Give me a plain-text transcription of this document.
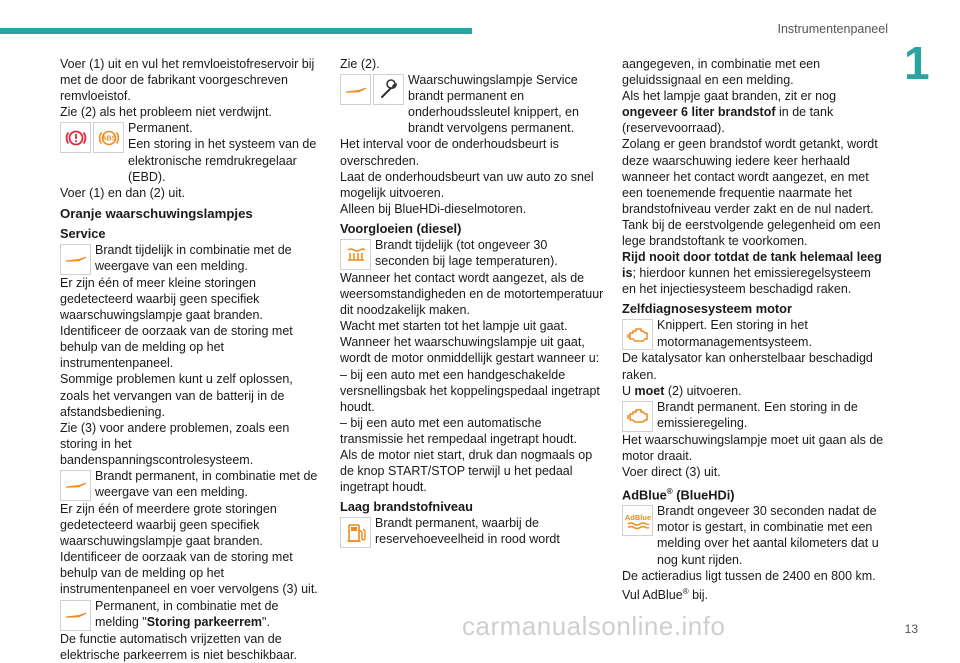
Instrumentenpaneel
1
Voer (1) uit en vul het remvloeistofreservoir bij met de door de fabrikant voorgeschreven remvloeistof.
Zie (2) als het probleem niet verdwijnt.
ABS
Permanent.
Een storing in het systeem van de elektronische remdrukregelaar (EBD).
Voer (1) en dan (2) uit.
Oranje waarschuwingslampjes
Service
Brandt tijdelijk in combinatie met de weergave van een melding.
Er zijn één of meer kleine storingen gedetecteerd waarbij geen specifiek waarschuwingslampje gaat branden.
Identificeer de oorzaak van de storing met behulp van de melding op het instrumentenpaneel.
Sommige problemen kunt u zelf oplossen, zoals het vervangen van de batterij in de afstandsbediening.
Zie (3) voor andere problemen, zoals een storing in het bandenspanningscontrolesysteem.
Brandt permanent, in combinatie met de weergave van een melding.
Er zijn één of meerdere grote storingen gedetecteerd waarbij geen specifiek waarschuwingslampje gaat branden.
Identificeer de oorzaak van de storing met behulp van de melding op het instrumentenpaneel en voer vervolgens (3) uit.
Permanent, in combinatie met de melding "Storing parkeerrem".
De functie automatisch vrijzetten van de elektrische parkeerrem is niet beschikbaar.
Zie (2).
Waarschuwingslampje Service brandt permanent en onderhoudssleutel knippert, en brandt vervolgens permanent.
Het interval voor de onderhoudsbeurt is overschreden.
Laat de onderhoudsbeurt van uw auto zo snel mogelijk uitvoeren.
Alleen bij BlueHDi-dieselmotoren.
Voorgloeien (diesel)
Brandt tijdelijk (tot ongeveer 30 seconden bij lage temperaturen).
Wanneer het contact wordt aangezet, als de weersomstandigheden en de motortemperatuur dit noodzakelijk maken.
Wacht met starten tot het lampje uit gaat.
Wanneer het waarschuwingslampje uit gaat, wordt de motor onmiddellijk gestart wanneer u:
– bij een auto met een handgeschakelde versnellingsbak het koppelingspedaal ingetrapt houdt.
– bij een auto met een automatische transmissie het rempedaal ingetrapt houdt.
Als de motor niet start, druk dan nogmaals op de knop START/STOP terwijl u het pedaal ingetrapt houdt.
Laag brandstofniveau
Brandt permanent, waarbij de reservehoeveelheid in rood wordt
aangegeven, in combinatie met een geluidssignaal en een melding.
Als het lampje gaat branden, zit er nog ongeveer 6 liter brandstof in de tank (reservevoorraad).
Zolang er geen brandstof wordt getankt, wordt deze waarschuwing iedere keer herhaald wanneer het contact wordt aangezet, en met een toenemende frequentie naarmate het brandstofniveau verder zakt en de nul nadert.
Tank bij de eerstvolgende gelegenheid om een lege brandstoftank te voorkomen.
Rijd nooit door totdat de tank helemaal leeg is; hierdoor kunnen het emissieregelsysteem en het injectiesysteem beschadigd raken.
Zelfdiagnosesysteem motor
Knippert. Een storing in het motormanagementsysteem.
De katalysator kan onherstelbaar beschadigd raken.
U moet (2) uitvoeren.
Brandt permanent. Een storing in de emissieregeling.
Het waarschuwingslampje moet uit gaan als de motor draait.
Voer direct (3) uit.
AdBlue® (BlueHDi)
AdBlue Brandt ongeveer 30 seconden nadat de motor is gestart, in combinatie met een melding over het aantal kilometers dat u nog kunt rijden.
De actieradius ligt tussen de 2400 en 800 km.
Vul AdBlue® bij.
carmanualsonline.info	13
